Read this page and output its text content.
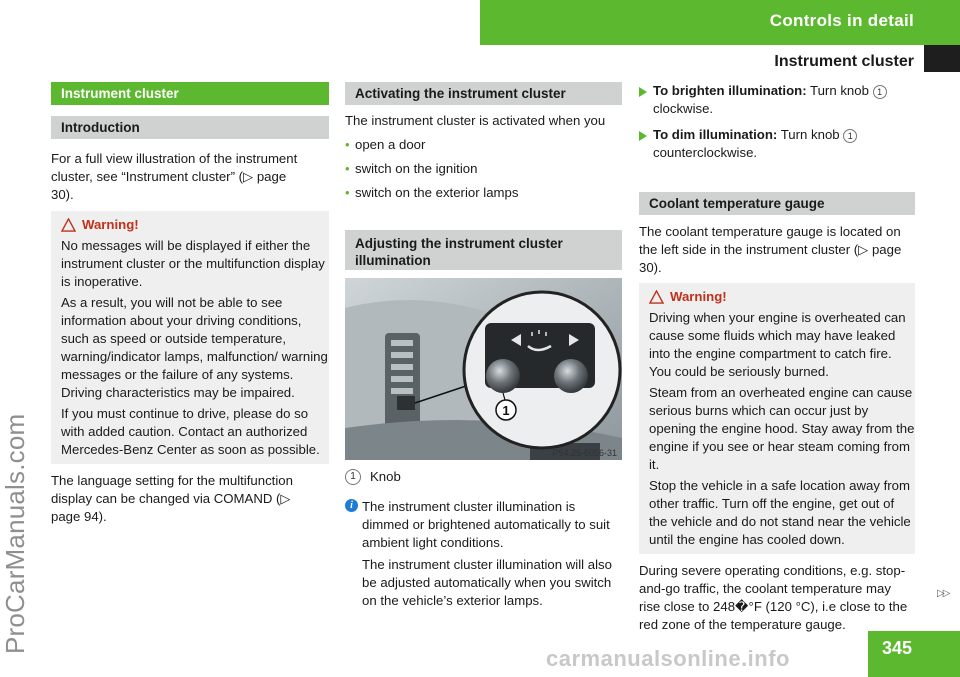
Controls in detail
Instrument cluster
ProCarManuals.com
Instrument cluster
Introduction

For a full view illustration of the instrument cluster, see “Instrument cluster” (▷ page 30).

Warning!

No messages will be displayed if either the instrument cluster or the multifunction display is inoperative.

As a result, you will not be able to see information about your driving conditions, such as speed or outside temperature, warning/indicator lamps, malfunction/ warning messages or the failure of any systems. Driving characteristics may be impaired.

If you must continue to drive, please do so with added caution. Contact an authorized Mercedes-Benz Center as soon as possible.

The language setting for the multifunction display can be changed via COMAND (▷ page 94).

Activating the instrument cluster

The instrument cluster is activated when you

• open a door
• switch on the ignition
• switch on the exterior lamps
Adjusting the instrument cluster illumination
1
P54.25-6056-31
1	Knob
i The instrument cluster illumination is dimmed or brightened automatically to suit ambient light conditions.

The instrument cluster illumination will also be adjusted automatically when you switch on the vehicle’s exterior lamps.

To brighten illumination: Turn knob 1
clockwise.
To dim illumination: Turn knob 1
counterclockwise.
Coolant temperature gauge

The coolant temperature gauge is located on the left side in the instrument cluster (▷ page 30).

Warning!

Driving when your engine is overheated can cause some fluids which may have leaked into the engine compartment to catch fire. You could be seriously burned.

Steam from an overheated engine can cause serious burns which can occur just by opening the engine hood. Stay away from the engine if you see or hear steam coming from it.

Stop the vehicle in a safe location away from other traffic. Turn off the engine, get out of the vehicle and do not stand near the vehicle until the engine has cooled down.

During severe operating conditions, e.g. stop-and-go traffic, the coolant temperature may rise close to 248�°F (120 °C), i.e close to the red zone of the temperature gauge.

▷▷
345
carmanualsonline.info
